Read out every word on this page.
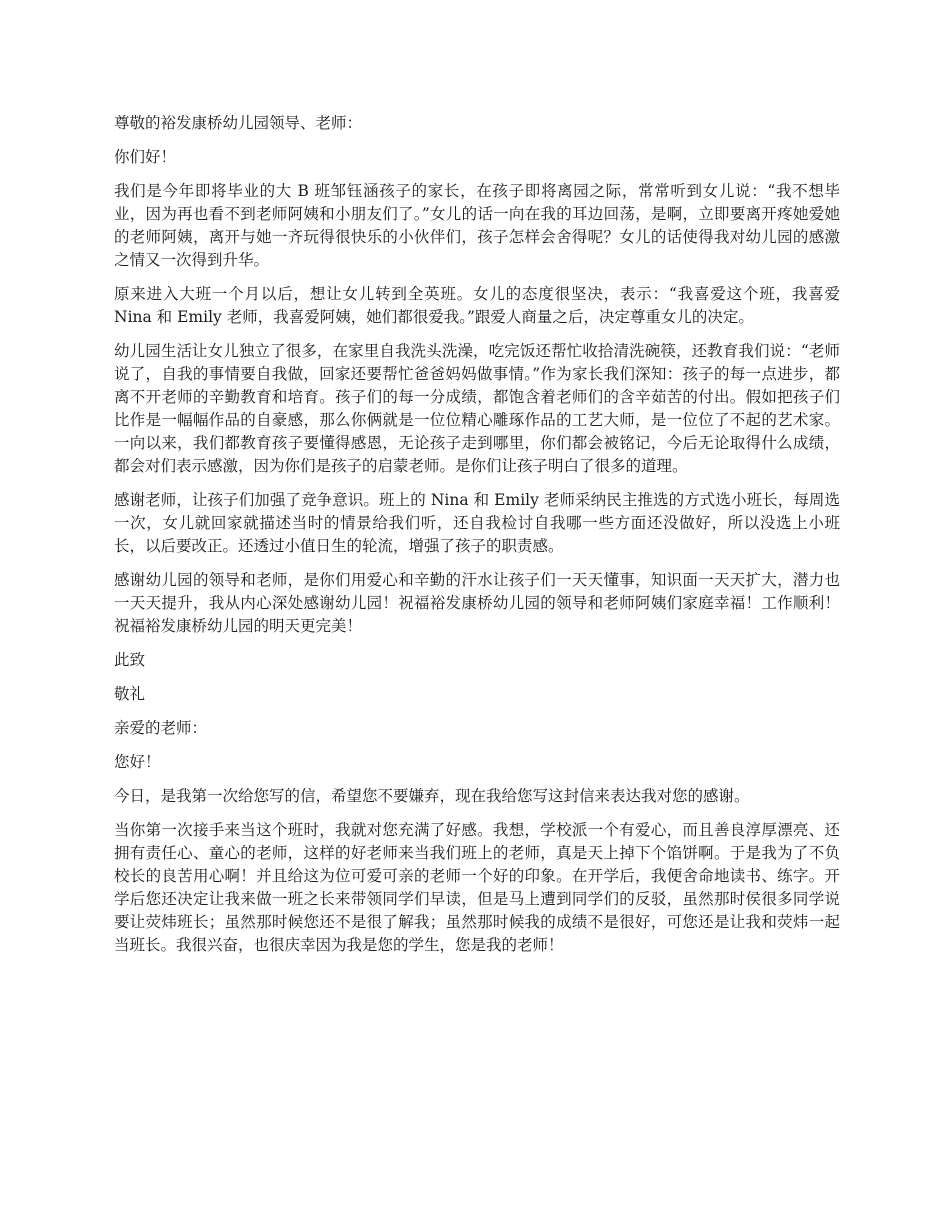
尊敬的裕发康桥幼儿园领导、老师：

你们好！

我们是今年即将毕业的大 B 班邹钰涵孩子的家长，在孩子即将离园之际，常常听到女儿说：“我不想毕业，因为再也看不到老师阿姨和小朋友们了。”女儿的话一向在我的耳边回荡，是啊，立即要离开疼她爱她的老师阿姨，离开与她一齐玩得很快乐的小伙伴们，孩子怎样会舍得呢？女儿的话使得我对幼儿园的感激之情又一次得到升华。

原来进入大班一个月以后，想让女儿转到全英班。女儿的态度很坚决，表示：“我喜爱这个班，我喜爱 Nina 和 Emily 老师，我喜爱阿姨，她们都很爱我。”跟爱人商量之后，决定尊重女儿的决定。

幼儿园生活让女儿独立了很多，在家里自我洗头洗澡，吃完饭还帮忙收拾清洗碗筷，还教育我们说：“老师说了，自我的事情要自我做，回家还要帮忙爸爸妈妈做事情。”作为家长我们深知：孩子的每一点进步，都离不开老师的辛勤教育和培育。孩子们的每一分成绩，都饱含着老师们的含辛茹苦的付出。假如把孩子们比作是一幅幅作品的自豪感，那么你俩就是一位位精心雕琢作品的工艺大师，是一位位了不起的艺术家。一向以来，我们都教育孩子要懂得感恩，无论孩子走到哪里，你们都会被铭记，今后无论取得什么成绩，都会对们表示感激，因为你们是孩子的启蒙老师。是你们让孩子明白了很多的道理。

感谢老师，让孩子们加强了竞争意识。班上的 Nina 和 Emily 老师采纳民主推选的方式选小班长，每周选一次，女儿就回家就描述当时的情景给我们听，还自我检讨自我哪一些方面还没做好，所以没选上小班长，以后要改正。还透过小值日生的轮流，增强了孩子的职责感。

感谢幼儿园的领导和老师，是你们用爱心和辛勤的汗水让孩子们一天天懂事，知识面一天天扩大，潜力也一天天提升，我从内心深处感谢幼儿园！祝福裕发康桥幼儿园的领导和老师阿姨们家庭幸福！工作顺利！祝福裕发康桥幼儿园的明天更完美！

此致

敬礼

亲爱的老师：

您好！

今日，是我第一次给您写的信，希望您不要嫌弃，现在我给您写这封信来表达我对您的感谢。

当你第一次接手来当这个班时，我就对您充满了好感。我想，学校派一个有爱心，而且善良淳厚漂亮、还拥有责任心、童心的老师，这样的好老师来当我们班上的老师，真是天上掉下个馅饼啊。于是我为了不负校长的良苦用心啊！并且给这为位可爱可亲的老师一个好的印象。在开学后，我便舍命地读书、练字。开学后您还决定让我来做一班之长来带领同学们早读，但是马上遭到同学们的反驳，虽然那时侯很多同学说要让荧炜班长；虽然那时候您还不是很了解我；虽然那时候我的成绩不是很好，可您还是让我和荧炜一起当班长。我很兴奋，也很庆幸因为我是您的学生，您是我的老师！
